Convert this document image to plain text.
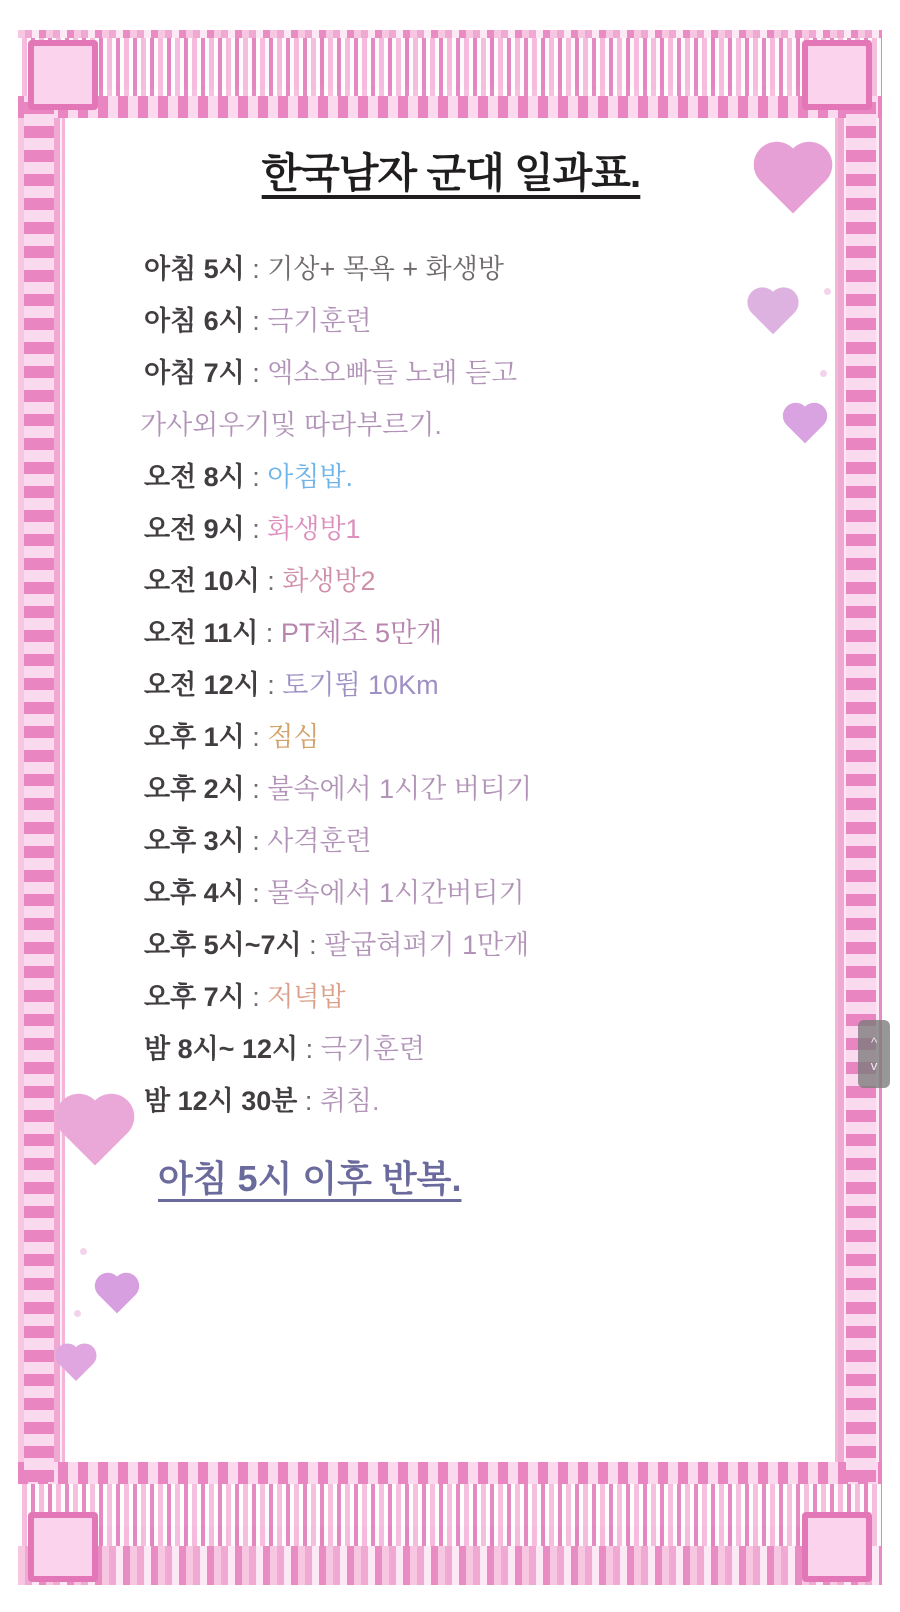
한국남자 군대 일과표.
아침 5시 : 기상+ 목욕 + 화생방
아침 6시 : 극기훈련
아침 7시 : 엑소오빠들 노래 듣고
가사외우기및 따라부르기.
오전 8시 : 아침밥.
오전 9시 : 화생방1
오전 10시 : 화생방2
오전 11시 : PT체조 5만개
오전 12시 : 토기뜀 10Km
오후 1시 : 점심
오후 2시 : 불속에서 1시간 버티기
오후 3시 : 사격훈련
오후 4시 : 물속에서 1시간버티기
오후 5시~7시 : 팔굽혀펴기 1만개
오후 7시 : 저녁밥
밤 8시~ 12시 : 극기훈련
밤 12시 30분 : 취침.
아침 5시 이후 반복.
^
v
